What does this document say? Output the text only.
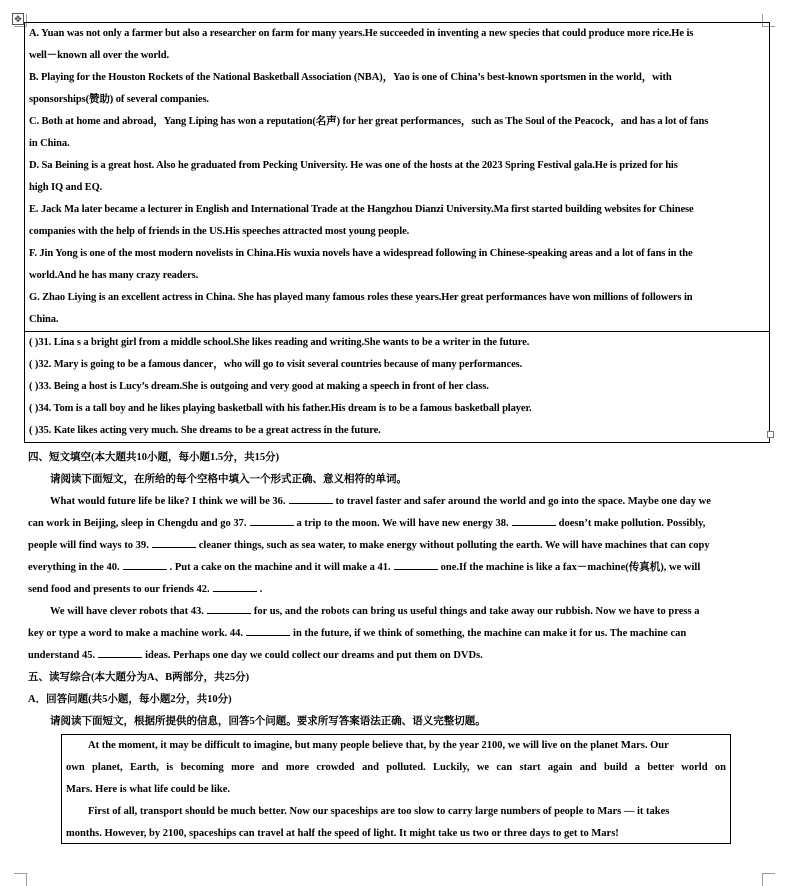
✥
A. Yuan was not only a farmer but also a researcher on farm for many years.He succeeded in inventing a new species that could produce more rice.He is
well－known all over the world.
B. Playing for the Houston Rockets of the National Basketball Association (NBA)，Yao is one of China’s best-known sportsmen in the world，with
sponsorships(赞助) of several companies.
C. Both at home and abroad，Yang Liping has won a reputation(名声) for her great performances，such as The Soul of the Peacock，and has a lot of fans
in China.
D. Sa Beining is a great host. Also he graduated from Pecking University. He was one of the hosts at the 2023 Spring Festival gala.He is prized for his
high IQ and EQ.
E. Jack Ma later became a lecturer in English and International Trade at the Hangzhou Dianzi University.Ma first started building websites for Chinese
companies with the help of friends in the US.His speeches attracted most young people.
F. Jin Yong is one of the most modern novelists in China.His wuxia novels have a widespread following in Chinese-speaking areas and a lot of fans in the
world.And he has many crazy readers.
G. Zhao Liying is an excellent actress in China. She has played many famous roles these years.Her great performances have won millions of followers in
China.
( )31. Lina s a bright girl from a middle school.She likes reading and writing.She wants to be a writer in the future.
( )32. Mary is going to be a famous dancer，who will go to visit several countries because of many performances.
( )33. Being a host is Lucy’s dream.She is outgoing and very good at making a speech in front of her class.
( )34. Tom is a tall boy and he likes playing basketball with his father.His dream is to be a famous basketball player.
( )35. Kate likes acting very much. She dreams to be a great actress in the future.
四、短文填空(本大题共10小题，每小题1.5分，共15分)
请阅读下面短文，在所给的每个空格中填入一个形式正确、意义相符的单词。
What would future life be like? I think we will be 36.	to travel faster and safer around the world and go into the space. Maybe one day we
can work in Beijing, sleep in Chengdu and go 37.	a trip to the moon. We will have new energy 38.	doesn’t make pollution. Possibly,
people will find ways to 39.	cleaner things, such as sea water, to make energy without polluting the earth. We will have machines that can copy
everything in the 40.	. Put a cake on the machine and it will make a 41.	one.If the machine is like a fax－machine(传真机), we will
send food and presents to our friends 42.	.
We will have clever robots that 43.	for us, and the robots can bring us useful things and take away our rubbish. Now we have to press a
key or type a word to make a machine work. 44.	in the future, if we think of something, the machine can make it for us. The machine can
understand 45.	ideas. Perhaps one day we could collect our dreams and put them on DVDs.
五、读写综合(本大题分为A、B两部分，共25分)
A．回答问题(共5小题，每小题2分，共10分)
请阅读下面短文，根据所提供的信息，回答5个问题。要求所写答案语法正确、语义完整切题。
At the moment, it may be difficult to imagine, but many people believe that, by the year 2100, we will live on the planet Mars. Our
own planet, Earth, is becoming more and more crowded and polluted. Luckily, we can start again and build a better world on
Mars. Here is what life could be like.
First of all, transport should be much better. Now our spaceships are too slow to carry large numbers of people to Mars — it takes
months. However, by 2100, spaceships can travel at half the speed of light. It might take us two or three days to get to Mars!
